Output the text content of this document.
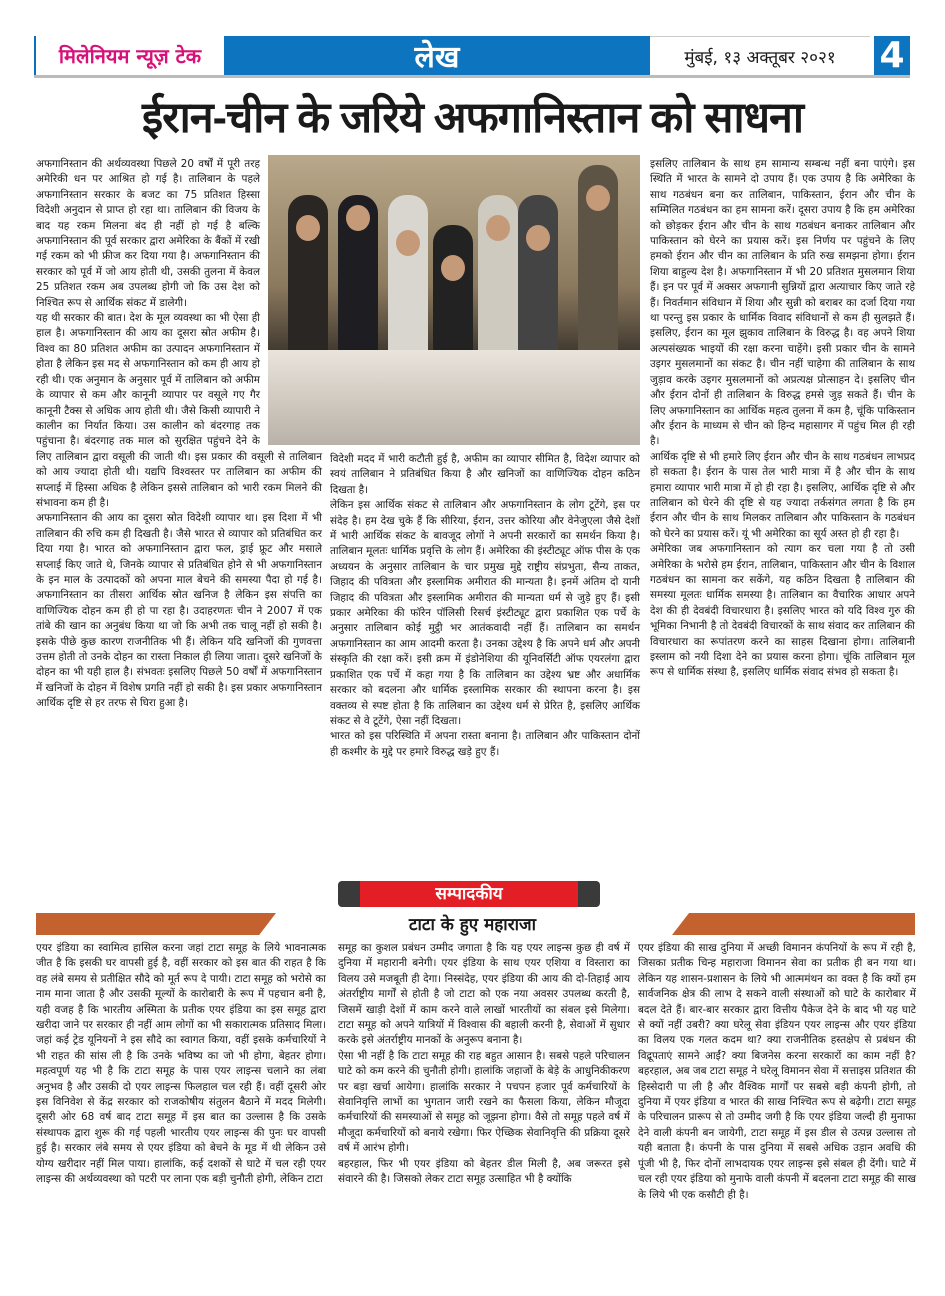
मिलेनियम न्यूज़ टेक	लेख	मुंबई, १३ अक्तूबर २०२१	4
ईरान-चीन के जरिये अफगानिस्तान को साधना

अफगानिस्तान की अर्थव्यवस्था पिछले 20 वर्षों में पूरी तरह अमेरिकी धन पर आश्रित हो गई है। तालिबान के पहले अफगानिस्तान सरकार के बजट का 75 प्रतिशत हिस्सा विदेशी अनुदान से प्राप्त हो रहा था। तालिबान की विजय के बाद यह रकम मिलना बंद ही नहीं हो गई है बल्कि अफगानिस्तान की पूर्व सरकार द्वारा अमेरिका के बैंकों में रखी गई रकम को भी फ्रीज कर दिया गया है। अफगानिस्तान की सरकार को पूर्व में जो आय होती थी, उसकी तुलना में केवल 25 प्रतिशत रकम अब उपलब्ध होगी जो कि उस देश को निश्चित रूप से आर्थिक संकट में डालेगी।

यह थी सरकार की बात। देश के मूल व्यवस्था का भी ऐसा ही हाल है। अफगानिस्तान की आय का दूसरा स्रोत अफीम है। विश्व का 80 प्रतिशत अफीम का उत्पादन अफगानिस्तान में होता है लेकिन इस मद से अफगानिस्तान को कम ही आय हो रही थी। एक अनुमान के अनुसार पूर्व में तालिबान को अफीम के व्यापार से कम और कानूनी व्यापार पर वसूले गए गैर कानूनी टैक्स से अधिक आय होती थी। जैसे किसी व्यापारी ने कालीन का निर्यात किया। उस कालीन को बंदरगाह तक पहुंचाना है। बंदरगाह तक माल को सुरक्षित पहुंचने देने के लिए तालिबान द्वारा वसूली की जाती थी। इस प्रकार की वसूली से तालिबान को आय ज्यादा होती थी। यद्यपि विश्वस्तर पर तालिबान का अफीम की सप्लाई में हिस्सा अधिक है लेकिन इससे तालिबान को भारी रकम मिलने की संभावना कम ही है।

अफगानिस्तान की आय का दूसरा स्रोत विदेशी व्यापार था। इस दिशा में भी तालिबान की रुचि कम ही दिखती है। जैसे भारत से व्यापार को प्रतिबंधित कर दिया गया है। भारत को अफगानिस्तान द्वारा फल, ड्राई फ्रूट और मसाले सप्लाई किए जाते थे, जिनके व्यापार से प्रतिबंधित होने से भी अफगानिस्तान के इन माल के उत्पादकों को अपना माल बेचने की समस्या पैदा हो गई है। अफगानिस्तान का तीसरा आर्थिक स्रोत खनिज है लेकिन इस संपत्ति का वाणिज्यिक दोहन कम ही हो पा रहा है। उदाहरणतः चीन ने 2007 में एक तांबे की खान का अनुबंध किया था जो कि अभी तक चालू नहीं हो सकी है। इसके पीछे कुछ कारण राजनीतिक भी हैं। लेकिन यदि खनिजों की गुणवत्ता उत्तम होती तो उनके दोहन का रास्ता निकाल ही लिया जाता। दूसरे खनिजों के दोहन का भी यही हाल है। संभवतः इसलिए पिछले 50 वर्षों में अफगानिस्तान में खनिजों के दोहन में विशेष प्रगति नहीं हो सकी है। इस प्रकार अफगानिस्तान आर्थिक दृष्टि से हर तरफ से घिरा हुआ है।

विदेशी मदद में भारी कटौती हुई है, अफीम का व्यापार सीमित है, विदेश व्यापार को स्वयं तालिबान ने प्रतिबंधित किया है और खनिजों का वाणिज्यिक दोहन कठिन दिखता है।

लेकिन इस आर्थिक संकट से तालिबान और अफगानिस्तान के लोग टूटेंगे, इस पर संदेह है। हम देख चुके हैं कि सीरिया, ईरान, उत्तर कोरिया और वेनेजुएला जैसे देशों में भारी आर्थिक संकट के बावजूद लोगों ने अपनी सरकारों का समर्थन किया है। तालिबान मूलतः धार्मिक प्रवृत्ति के लोग हैं। अमेरिका की इंस्टीट्यूट ऑफ पीस के एक अध्ययन के अनुसार तालिबान के चार प्रमुख मुद्दे राष्ट्रीय संप्रभुता, सैन्य ताकत, जिहाद की पवित्रता और इस्लामिक अमीरात की मान्यता है। इनमें अंतिम दो यानी जिहाद की पवित्रता और इस्लामिक अमीरात की मान्यता धर्म से जुड़े हुए हैं। इसी प्रकार अमेरिका की फॉरेन पॉलिसी रिसर्च इंस्टीट्यूट द्वारा प्रकाशित एक पर्चे के अनुसार तालिबान कोई मुट्ठी भर आतंकवादी नहीं हैं। तालिबान का समर्थन अफगानिस्तान का आम आदमी करता है। उनका उद्देश्य है कि अपने धर्म और अपनी संस्कृति की रक्षा करें। इसी क्रम में इंडोनेशिया की यूनिवर्सिटी ऑफ एयरलंगा द्वारा प्रकाशित एक पर्चे में कहा गया है कि तालिबान का उद्देश्य भ्रष्ट और अधार्मिक सरकार को बदलना और धार्मिक इस्लामिक सरकार की स्थापना करना है। इस वक्तव्य से स्पष्ट होता है कि तालिबान का उद्देश्य धर्म से प्रेरित है, इसलिए आर्थिक संकट से वे टूटेंगे, ऐसा नहीं दिखता।

भारत को इस परिस्थिति में अपना रास्ता बनाना है। तालिबान और पाकिस्तान दोनों ही कश्मीर के मुद्दे पर हमारे विरुद्ध खड़े हुए हैं।

इसलिए तालिबान के साथ हम सामान्य सम्बन्ध नहीं बना पाएंगे। इस स्थिति में भारत के सामने दो उपाय हैं। एक उपाय है कि अमेरिका के साथ गठबंधन बना कर तालिबान, पाकिस्तान, ईरान और चीन के सम्मिलित गठबंधन का हम सामना करें। दूसरा उपाय है कि हम अमेरिका को छोड़कर ईरान और चीन के साथ गठबंधन बनाकर तालिबान और पाकिस्तान को घेरने का प्रयास करें। इस निर्णय पर पहुंचने के लिए हमको ईरान और चीन का तालिबान के प्रति रुख समझना होगा। ईरान शिया बाहुल्य देश है। अफगानिस्तान में भी 20 प्रतिशत मुसलमान शिया हैं। इन पर पूर्व में अक्सर अफगानी सुन्नियों द्वारा अत्याचार किए जाते रहे हैं। निवर्तमान संविधान में शिया और सुन्नी को बराबर का दर्जा दिया गया था परन्तु इस प्रकार के धार्मिक विवाद संविधानों से कम ही सुलझते हैं। इसलिए, ईरान का मूल झुकाव तालिबान के विरुद्ध है। वह अपने शिया अल्पसंख्यक भाइयों की रक्षा करना चाहेंगे। इसी प्रकार चीन के सामने उइगर मुसलमानों का संकट है। चीन नहीं चाहेगा की तालिबान के साथ जुड़ाव करके उइगर मुसलमानों को अप्रत्यक्ष प्रोत्साहन दे। इसलिए चीन और ईरान दोनों ही तालिबान के विरुद्ध हमसे जुड़ सकते हैं। चीन के लिए अफगानिस्तान का आर्थिक महत्व तुलना में कम है, चूंकि पाकिस्तान और ईरान के माध्यम से चीन को हिन्द महासागर में पहुंच मिल ही रही है।

आर्थिक दृष्टि से भी हमारे लिए ईरान और चीन के साथ गठबंधन लाभप्रद हो सकता है। ईरान के पास तेल भारी मात्रा में है और चीन के साथ हमारा व्यापार भारी मात्रा में हो ही रहा है। इसलिए, आर्थिक दृष्टि से और तालिबान को घेरने की दृष्टि से यह ज्यादा तर्कसंगत लगता है कि हम ईरान और चीन के साथ मिलकर तालिबान और पाकिस्तान के गठबंधन को घेरने का प्रयास करें। यूं भी अमेरिका का सूर्य अस्त हो ही रहा है।

अमेरिका जब अफगानिस्तान को त्याग कर चला गया है तो उसी अमेरिका के भरोसे हम ईरान, तालिबान, पाकिस्तान और चीन के विशाल गठबंधन का सामना कर सकेंगे, यह कठिन दिखता है तालिबान की समस्या मूलतः धार्मिक समस्या है। तालिबान का वैचारिक आधार अपने देश की ही देवबंदी विचारधारा है। इसलिए भारत को यदि विश्व गुरु की भूमिका निभानी है तो देवबंदी विचारकों के साथ संवाद कर तालिबान की विचारधारा का रूपांतरण करने का साहस दिखाना होगा। तालिबानी इस्लाम को नयी दिशा देने का प्रयास करना होगा। चूंकि तालिबान मूल रूप से धार्मिक संस्था है, इसलिए धार्मिक संवाद संभव हो सकता है।

सम्पादकीय
टाटा के हुए महाराजा

एयर इंडिया का स्वामित्व हासिल करना जहां टाटा समूह के लिये भावनात्मक जीत है कि इसकी घर वापसी हुई है, वहीं सरकार को इस बात की राहत है कि वह लंबे समय से प्रतीक्षित सौदे को मूर्त रूप दे पायी। टाटा समूह को भरोसे का नाम माना जाता है और उसकी मूल्यों के कारोबारी के रूप में पहचान बनी है, यही वजह है कि भारतीय अस्मिता के प्रतीक एयर इंडिया का इस समूह द्वारा खरीदा जाने पर सरकार ही नहीं आम लोगों का भी सकारात्मक प्रतिसाद मिला। जहां कई ट्रेड यूनियनों ने इस सौदे का स्वागत किया, वहीं इसके कर्मचारियों ने भी राहत की सांस ली है कि उनके भविष्य का जो भी होगा, बेहतर होगा। महत्वपूर्ण यह भी है कि टाटा समूह के पास एयर लाइन्स चलाने का लंबा अनुभव है और उसकी दो एयर लाइन्स फिलहाल चल रही हैं। वहीं दूसरी ओर इस विनिवेश से केंद्र सरकार को राजकोषीय संतुलन बैठाने में मदद मिलेगी। दूसरी ओर 68 वर्ष बाद टाटा समूह में इस बात का उल्लास है कि उसके संस्थापक द्वारा शुरू की गई पहली भारतीय एयर लाइन्स की पुनः घर वापसी हुई है। सरकार लंबे समय से एयर इंडिया को बेचने के मूड में थी लेकिन उसे योग्य खरीदार नहीं मिल पाया। हालांकि, कई दशकों से घाटे में चल रही एयर लाइन्स की अर्थव्यवस्था को पटरी पर लाना एक बड़ी चुनौती होगी, लेकिन टाटा

समूह का कुशल प्रबंधन उम्मीद जगाता है कि यह एयर लाइन्स कुछ ही वर्ष में दुनिया में महारानी बनेगी। एयर इंडिया के साथ एयर एशिया व विस्तारा का विलय उसे मजबूती ही देगा। निस्संदेह, एयर इंडिया की आय की दो-तिहाई आय अंतर्राष्ट्रीय मार्गों से होती है जो टाटा को एक नया अवसर उपलब्ध करती है, जिसमें खाड़ी देशों में काम करने वाले लाखों भारतीयों का संबल इसे मिलेगा। टाटा समूह को अपने यात्रियों में विश्वास की बहाली करनी है, सेवाओं में सुधार करके इसे अंतर्राष्ट्रीय मानकों के अनुरूप बनाना है।

ऐसा भी नहीं है कि टाटा समूह की राह बहुत आसान है। सबसे पहले परिचालन घाटे को कम करने की चुनौती होगी। हालांकि जहाजों के बेड़े के आधुनिकीकरण पर बड़ा खर्चा आयेगा। हालांकि सरकार ने पचपन हजार पूर्व कर्मचारियों के सेवानिवृत्ति लाभों का भुगतान जारी रखने का फैसला किया, लेकिन मौजूदा कर्मचारियों की समस्याओं से समूह को जूझना होगा। वैसे तो समूह पहले वर्ष में मौजूदा कर्मचारियों को बनाये रखेगा। फिर ऐच्छिक सेवानिवृत्ति की प्रक्रिया दूसरे वर्ष में आरंभ होगी।

बहरहाल, फिर भी एयर इंडिया को बेहतर डील मिली है, अब जरूरत इसे संवारने की है। जिसको लेकर टाटा समूह उत्साहित भी है क्योंकि

एयर इंडिया की साख दुनिया में अच्छी विमानन कंपनियों के रूप में रही है, जिसका प्रतीक चिन्ह महाराजा विमानन सेवा का प्रतीक ही बन गया था। लेकिन यह शासन-प्रशासन के लिये भी आत्ममंथन का वक्त है कि क्यों हम सार्वजनिक क्षेत्र की लाभ दे सकने वाली संस्थाओं को घाटे के कारोबार में बदल देते हैं। बार-बार सरकार द्वारा वित्तीय पैकेज देने के बाद भी यह घाटे से क्यों नहीं उबरी? क्या घरेलू सेवा इंडियन एयर लाइन्स और एयर इंडिया का विलय एक गलत कदम था? क्या राजनीतिक हस्तक्षेप से प्रबंधन की विद्रूपताएं सामने आईं? क्या बिजनेस करना सरकारों का काम नहीं है? बहरहाल, अब जब टाटा समूह ने घरेलू विमानन सेवा में सत्ताइस प्रतिशत की हिस्सेदारी पा ली है और वैश्विक मार्गों पर सबसे बड़ी कंपनी होगी, तो दुनिया में एयर इंडिया व भारत की साख निश्चित रूप से बढ़ेगी। टाटा समूह के परिचालन प्रारूप से तो उम्मीद जगी है कि एयर इंडिया जल्दी ही मुनाफा देने वाली कंपनी बन जायेगी, टाटा समूह में इस डील से उत्पन्न उल्लास तो यही बताता है। कंपनी के पास दुनिया में सबसे अधिक उड़ान अवधि की पूंजी भी है, फिर दोनों लाभदायक एयर लाइन्स इसे संबल ही देंगी। घाटे में चल रही एयर इंडिया को मुनाफे वाली कंपनी में बदलना टाटा समूह की साख के लिये भी एक कसौटी ही है।
